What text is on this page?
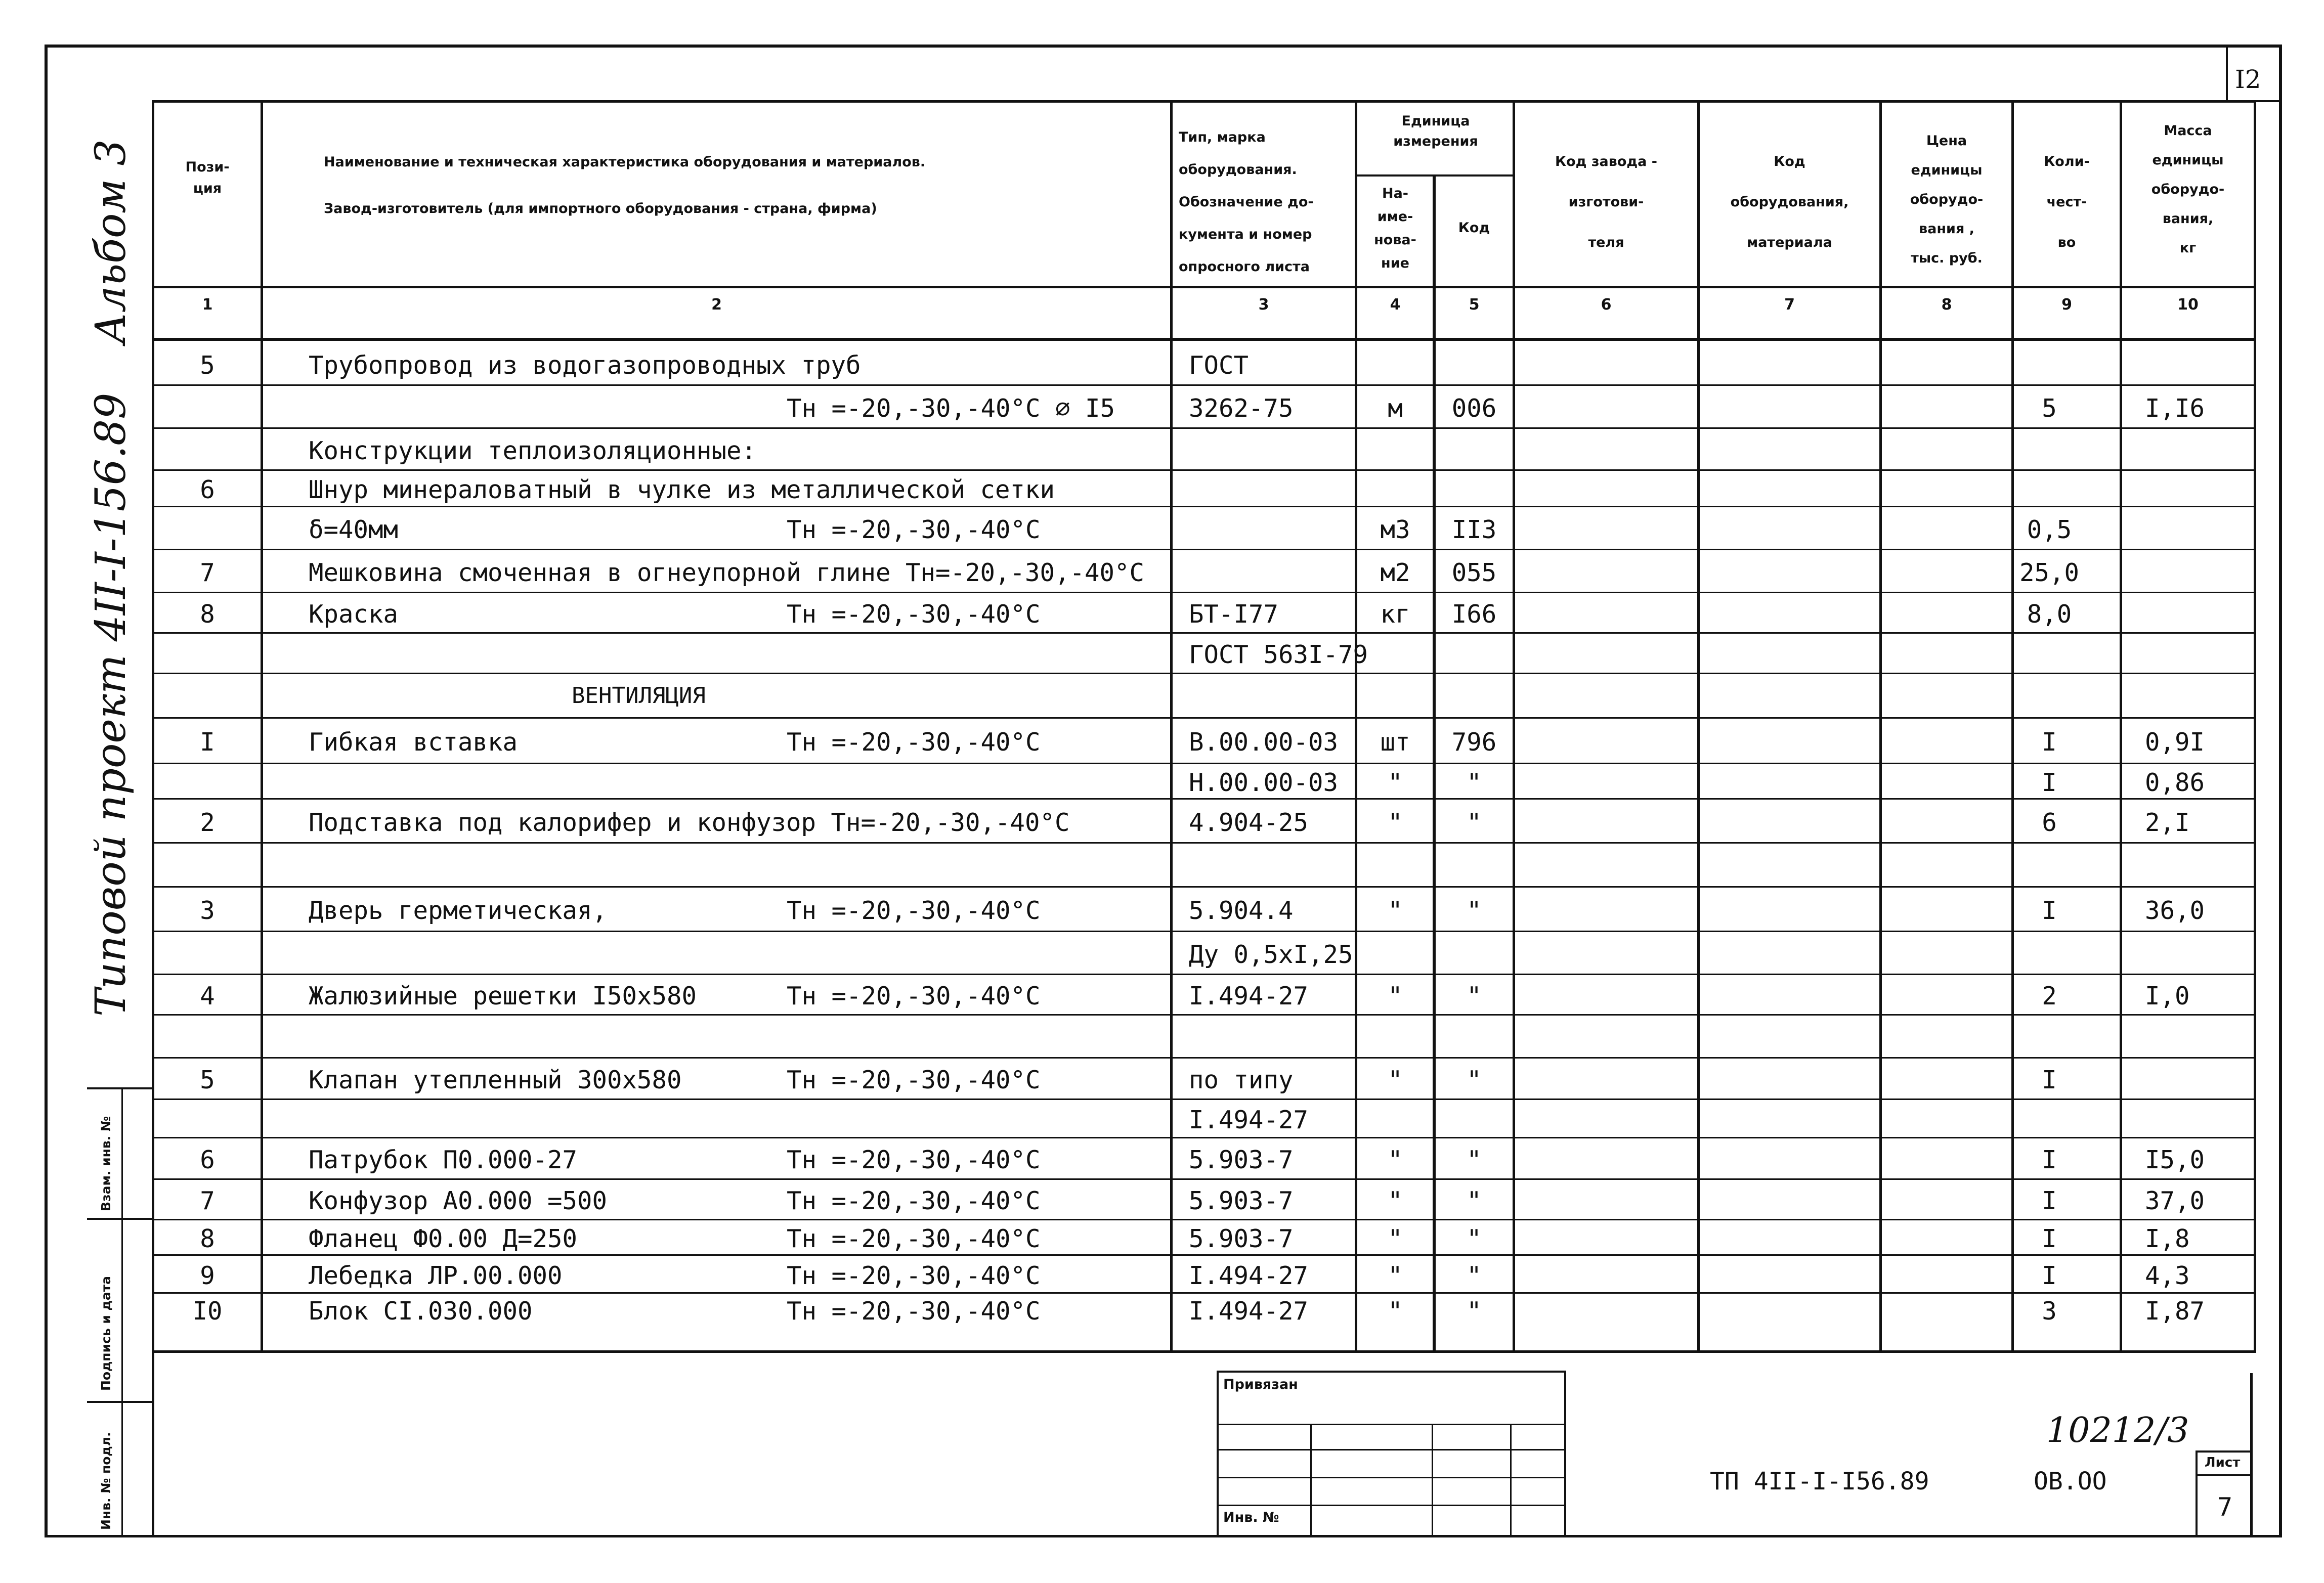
I2
Альбом 3
Типовой проект 4II-I-156.89
Взам. инв. №
Подпись и дата
Инв. № подл.
Пози-
ция
Наименование и техническая характеристика оборудования и материалов.
Завод-изготовитель (для импортного оборудования - страна, фирма)
Тип, марка
оборудования.
Обозначение до-
кумента и номер
опросного листа
Единица
измерения
На-
име-
нова-
ние
Код
Код завода -
изготови-
теля
Код
оборудования,
материала
Цена
единицы
оборудо-
вания ,
тыс. руб.
Коли-
чест-
во
Масса
единицы
оборудо-
вания,
кг
1	2	3	4	5	6	7	8	9	10
5	Трубопровод из водогазопроводных труб	ГОСТ
Тн =-20,-30,-40°С ∅ I5	3262-75	м	006	5	I,I6
Конструкции теплоизоляционные:
6	Шнур минераловатный в чулке из металлической сетки
δ=40мм	Тн =-20,-30,-40°С	м3	II3	0,5
7	Мешковина смоченная в огнеупорной глине Тн=-20,-30,-40°С	м2	055	25,0
8	Краска	Тн =-20,-30,-40°С	БТ-I77	кг	I66	8,0
ГОСТ 563I-79
ВЕНТИЛЯЦИЯ
I	Гибкая вставка	Тн =-20,-30,-40°С	В.00.00-03	шт	796	I	0,9I
Н.00.00-03	"	"	I	0,86
2	Подставка под калорифер и конфузор Тн=-20,-30,-40°С	4.904-25	"	"	6	2,I
3	Дверь герметическая,	Тн =-20,-30,-40°С	5.904.4	"	"	I	36,0
Ду 0,5хI,25
4	Жалюзийные решетки I50х580	Тн =-20,-30,-40°С	I.494-27	"	"	2	I,0
5	Клапан утепленный 300х580	Тн =-20,-30,-40°С	по типу	"	"	I
I.494-27
6	Патрубок П0.000-27	Тн =-20,-30,-40°С	5.903-7	"	"	I	I5,0
7	Конфузор А0.000 =500	Тн =-20,-30,-40°С	5.903-7	"	"	I	37,0
8	Фланец Ф0.00 Д=250	Тн =-20,-30,-40°С	5.903-7	"	"	I	I,8
9	Лебедка ЛР.00.000	Тн =-20,-30,-40°С	I.494-27	"	"	I	4,3
I0	Блок CI.030.000	Тн =-20,-30,-40°С	I.494-27	"	"	3	I,87
Привязан
Инв. №
10212/3
ТП 4II-I-I56.89	ОВ.ОО
Лист
7
